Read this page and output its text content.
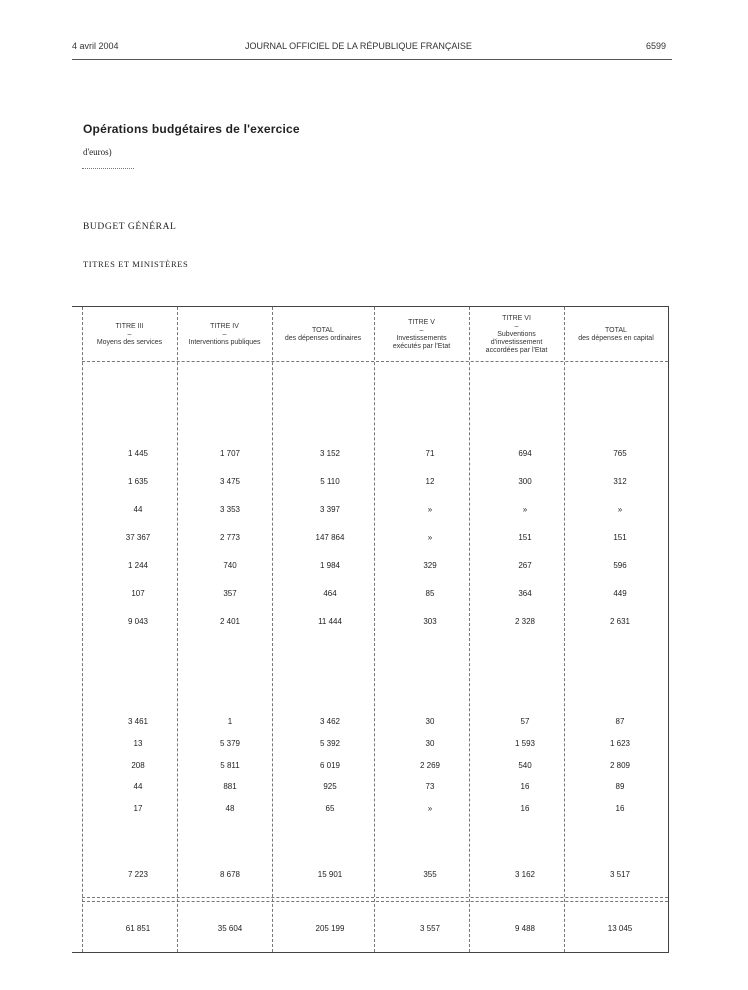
4 avril 2004	JOURNAL OFFICIEL DE LA RÉPUBLIQUE FRANÇAISE	6599
Opérations budgétaires de l'exercice
d'euros)
BUDGET GÉNÉRAL
TITRES ET MINISTÈRES
TITRE III
–
Moyens des services
TITRE IV
–
Interventions publiques
TOTAL
des dépenses ordinaires
TITRE V
–
Investissements exécutés par l'Etat
TITRE VI
–
Subventions d'investissement accordées par l'Etat
TOTAL
des dépenses en capital
1 445	1 707	3 152	71	694	765
1 635	3 475	5 110	12	300	312
44	3 353	3 397	»	»	»
37 367	2 773	147 864	»	151	151
1 244	740	1 984	329	267	596
107	357	464	85	364	449
9 043	2 401	11 444	303	2 328	2 631
3 461	1	3 462	30	57	87
13	5 379	5 392	30	1 593	1 623
208	5 811	6 019	2 269	540	2 809
44	881	925	73	16	89
17	48	65	»	16	16
7 223	8 678	15 901	355	3 162	3 517
61 851	35 604	205 199	3 557	9 488	13 045
